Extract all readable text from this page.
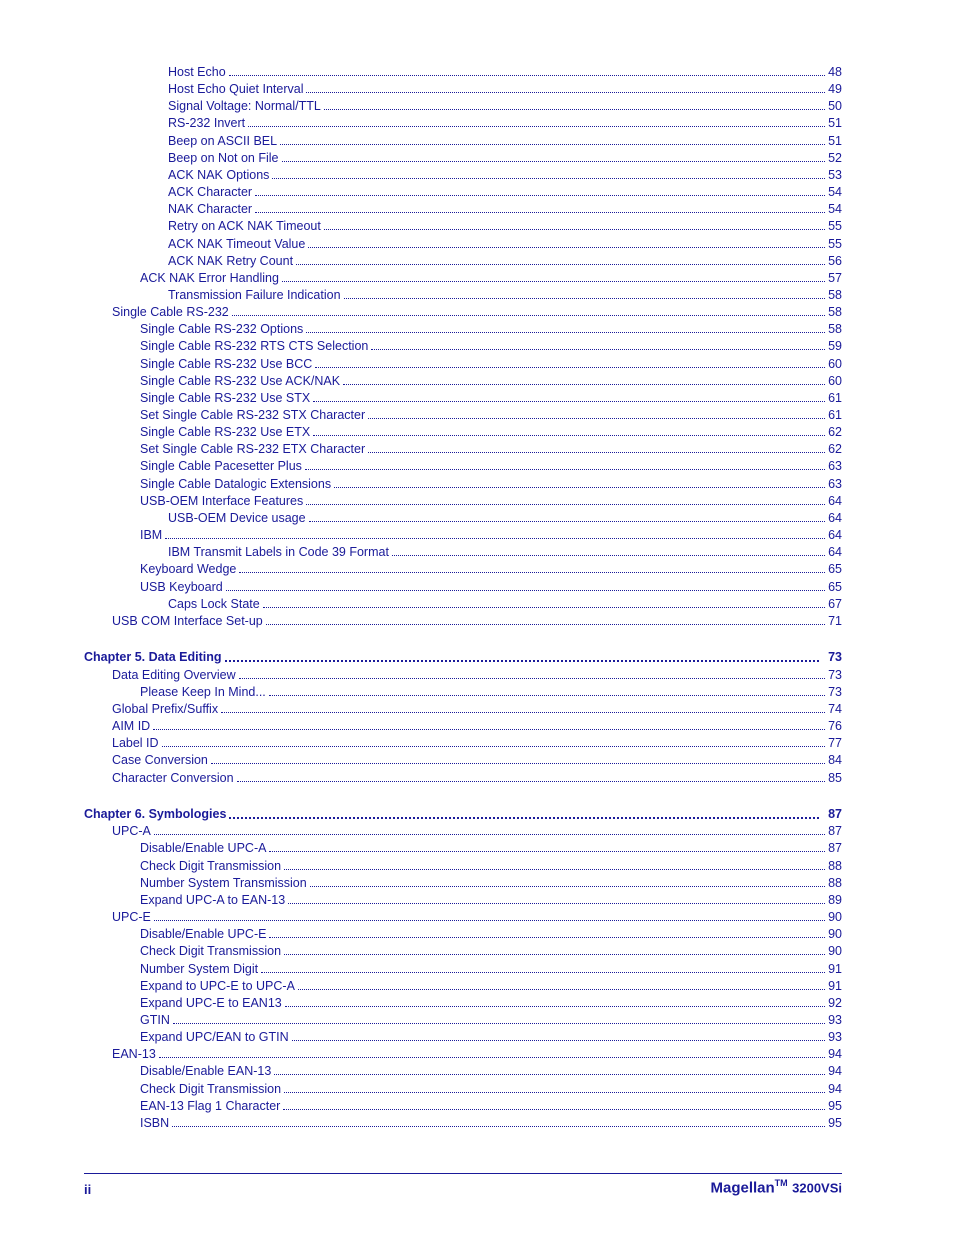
Host Echo	48
Host Echo Quiet Interval	49
Signal Voltage: Normal/TTL	50
RS-232 Invert	51
Beep on ASCII BEL	51
Beep on Not on File	52
ACK NAK Options	53
ACK Character	54
NAK Character	54
Retry on ACK NAK Timeout	55
ACK NAK Timeout Value	55
ACK NAK Retry Count	56
ACK NAK Error Handling	57
Transmission Failure Indication	58
Single Cable RS-232	58
Single Cable RS-232 Options	58
Single Cable RS-232 RTS CTS Selection	59
Single Cable RS-232 Use BCC	60
Single Cable RS-232 Use ACK/NAK	60
Single Cable RS-232 Use STX	61
Set Single Cable RS-232 STX Character	61
Single Cable RS-232 Use ETX	62
Set Single Cable RS-232 ETX Character	62
Single Cable Pacesetter Plus	63
Single Cable Datalogic Extensions	63
USB-OEM Interface Features	64
USB-OEM Device usage	64
IBM	64
IBM Transmit Labels in Code 39 Format	64
Keyboard Wedge	65
USB Keyboard	65
Caps Lock State	67
USB COM Interface Set-up	71
Chapter 5. Data Editing	73
Data Editing Overview	73
Please Keep In Mind...	73
Global Prefix/Suffix	74
AIM ID	76
Label ID	77
Case Conversion	84
Character Conversion	85
Chapter 6. Symbologies	87
UPC-A	87
Disable/Enable UPC-A	87
Check Digit Transmission	88
Number System Transmission	88
Expand UPC-A to EAN-13	89
UPC-E	90
Disable/Enable UPC-E	90
Check Digit Transmission	90
Number System Digit	91
Expand to UPC-E to UPC-A	91
Expand UPC-E to EAN13	92
GTIN	93
Expand UPC/EAN to GTIN	93
EAN-13	94
Disable/Enable EAN-13	94
Check Digit Transmission	94
EAN-13 Flag 1 Character	95
ISBN	95
ii	Magellan™ 3200VSi
